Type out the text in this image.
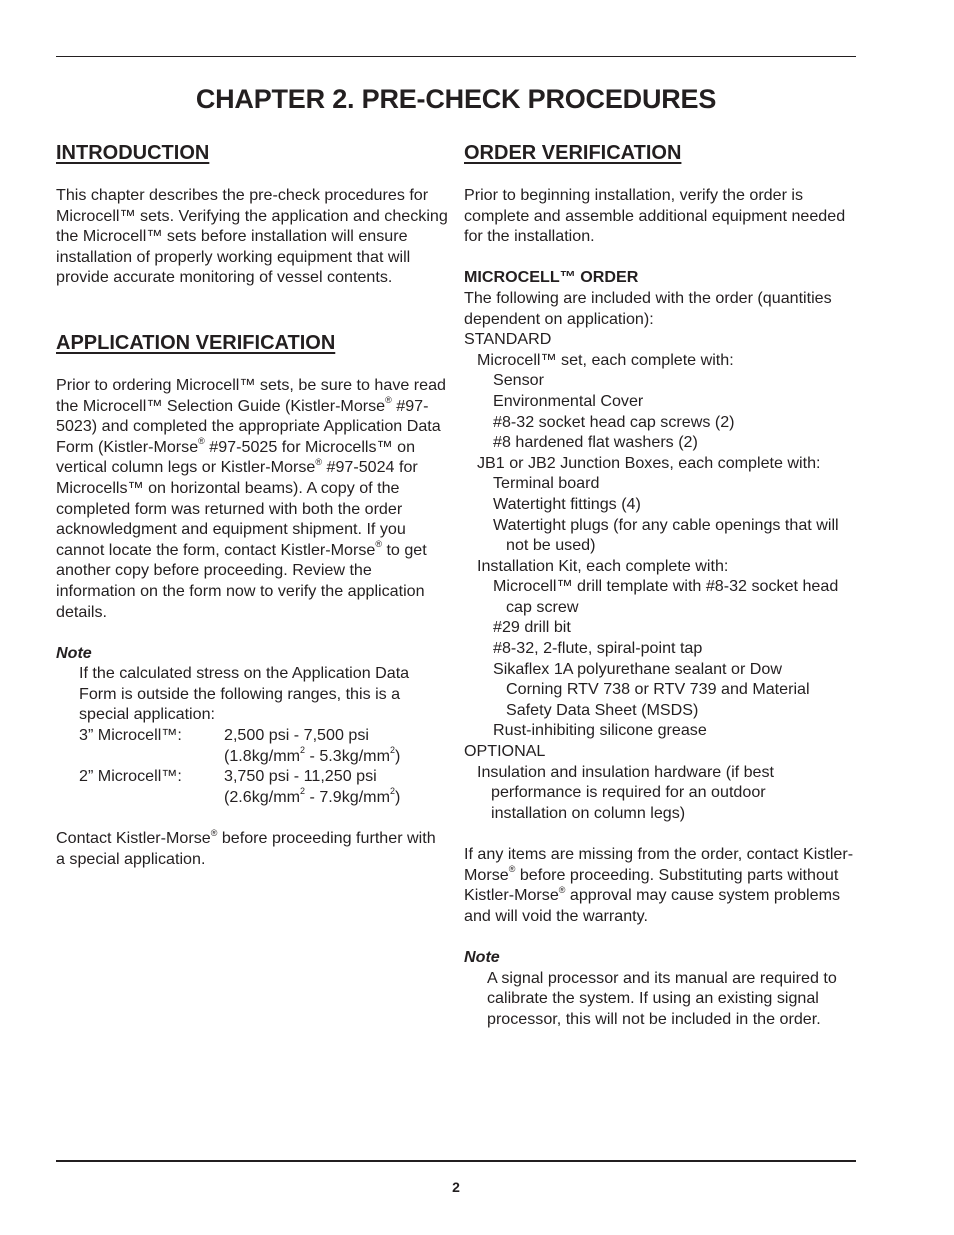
CHAPTER 2. PRE-CHECK PROCEDURES
INTRODUCTION

This chapter describes the pre-check procedures for Microcell™ sets. Verifying the application and checking the Microcell™ sets before installation will ensure installation of properly working equipment that will provide accurate monitoring of vessel contents.

APPLICATION VERIFICATION

Prior to ordering Microcell™ sets, be sure to have read the Microcell™ Selection Guide (Kistler-Morse® #97-5023) and completed the appropriate Application Data Form (Kistler-Morse® #97-5025 for Microcells™ on vertical column legs or Kistler-Morse® #97-5024 for Microcells™ on horizontal beams). A copy of the completed form was returned with both the order acknowledgment and equipment shipment. If you cannot locate the form, contact Kistler-Morse® to get another copy before proceeding. Review the information on the form now to verify the application details.

Note

If the calculated stress on the Application Data Form is outside the following ranges, this is a special application:

3” Microcell™:	2,500 psi - 7,500 psi
	$(1.8kg/mm^2 - 5.3kg/mm^2)$
2” Microcell™:	3,750 psi - 11,250 psi
	$(2.6kg/mm^2 - 7.9kg/mm^2)$

Contact Kistler-Morse® before proceeding further with a special application.

ORDER VERIFICATION

Prior to beginning installation, verify the order is complete and assemble additional equipment needed for the installation.

MICROCELL™ ORDER

The following are included with the order (quantities dependent on application):

STANDARD

Microcell™ set, each complete with:

Sensor

Environmental Cover

#8-32 socket head cap screws (2)

#8 hardened flat washers (2)

JB1 or JB2 Junction Boxes, each complete with:

Terminal board

Watertight fittings (4)

Watertight plugs (for any cable openings that will not be used)

Installation Kit, each complete with:

Microcell™ drill template with #8-32 socket head cap screw

#29 drill bit

#8-32, 2-flute, spiral-point tap

Sikaflex 1A polyurethane sealant or Dow Corning RTV 738 or RTV 739 and Material Safety Data Sheet (MSDS)

Rust-inhibiting silicone grease

OPTIONAL

Insulation and insulation hardware (if best performance is required for an outdoor installation on column legs)

If any items are missing from the order, contact Kistler-Morse® before proceeding. Substituting parts without Kistler-Morse® approval may cause system problems and will void the warranty.

Note

A signal processor and its manual are required to calibrate the system. If using an existing signal processor, this will not be included in the order.

2
